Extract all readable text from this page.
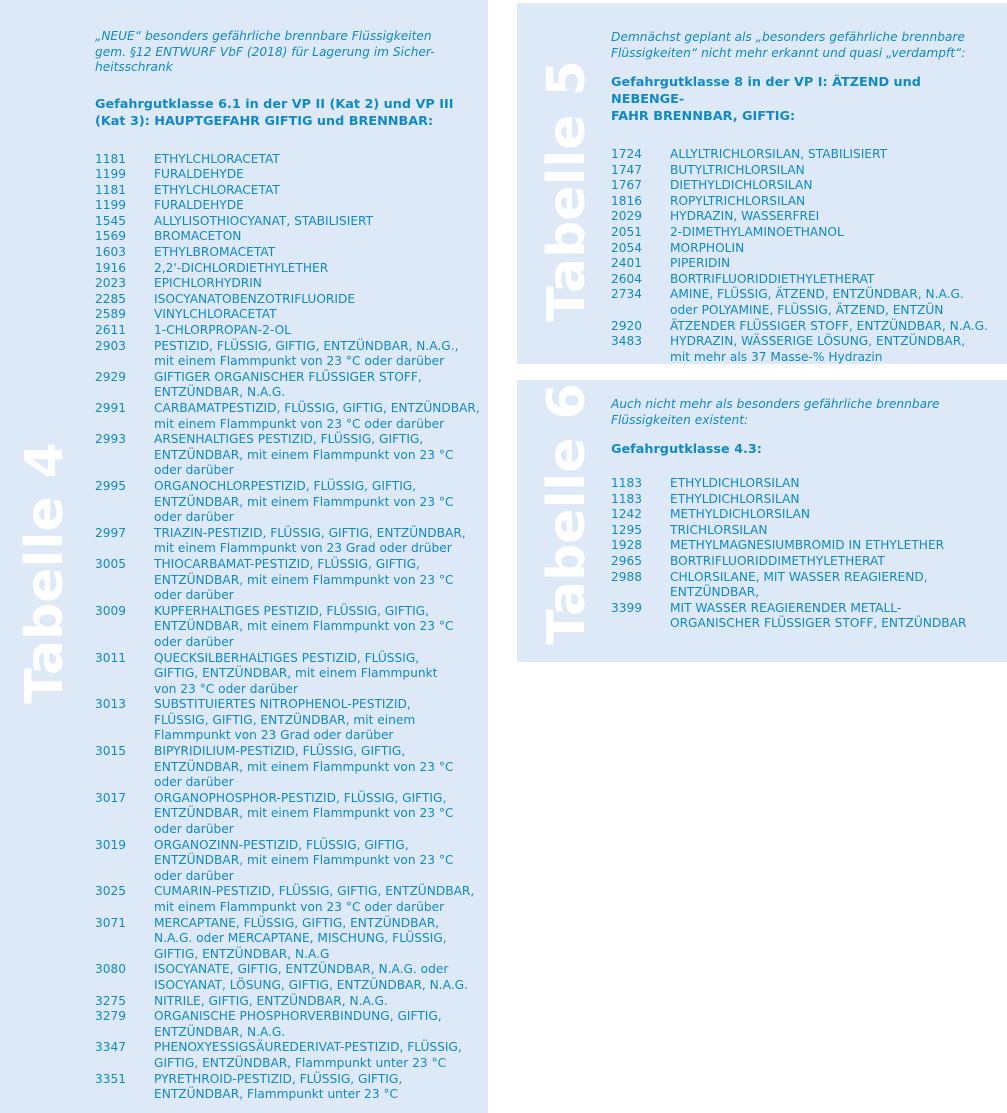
Tabelle 4

„NEUE“ besonders gefährliche brennbare Flüssigkeiten
gem. §12 ENTWURF VbF (2018) für Lagerung im Sicher-
heitsschrank

Gefahrgutklasse 6.1 in der VP II (Kat 2) und VP III
(Kat 3): HAUPTGEFAHR GIFTIG und BRENNBAR:

1181	ETHYLCHLORACETAT
1199	FURALDEHYDE
1181	ETHYLCHLORACETAT
1199	FURALDEHYDE
1545	ALLYLISOTHIOCYANAT, STABILISIERT
1569	BROMACETON
1603	ETHYLBROMACETAT
1916	2,2'-DICHLORDIETHYLETHER
2023	EPICHLORHYDRIN
2285	ISOCYANATOBENZOTRIFLUORIDE
2589	VINYLCHLORACETAT
2611	1-CHLORPROPAN-2-OL
2903	PESTIZID, FLÜSSIG, GIFTIG, ENTZÜNDBAR, N.A.G.,
mit einem Flammpunkt von 23 °C oder darüber
2929	GIFTIGER ORGANISCHER FLÜSSIGER STOFF,
ENTZÜNDBAR, N.A.G.
2991	CARBAMATPESTIZID, FLÜSSIG, GIFTIG, ENTZÜNDBAR,
mit einem Flammpunkt von 23 °C oder darüber
2993	ARSENHALTIGES PESTIZID, FLÜSSIG, GIFTIG,
ENTZÜNDBAR, mit einem Flammpunkt von 23 °C
oder darüber
2995	ORGANOCHLORPESTIZID, FLÜSSIG, GIFTIG,
ENTZÜNDBAR, mit einem Flammpunkt von 23 °C
oder darüber
2997	TRIAZIN-PESTIZID, FLÜSSIG, GIFTIG, ENTZÜNDBAR,
mit einem Flammpunkt von 23 Grad oder drüber
3005	THIOCARBAMAT-PESTIZID, FLÜSSIG, GIFTIG,
ENTZÜNDBAR, mit einem Flammpunkt von 23 °C
oder darüber
3009	KUPFERHALTIGES PESTIZID, FLÜSSIG, GIFTIG,
ENTZÜNDBAR, mit einem Flammpunkt von 23 °C
oder darüber
3011	QUECKSILBERHALTIGES PESTIZID, FLÜSSIG,
GIFTIG, ENTZÜNDBAR, mit einem Flammpunkt
von 23 °C oder darüber
3013	SUBSTITUIERTES NITROPHENOL-PESTIZID,
FLÜSSIG, GIFTIG, ENTZÜNDBAR, mit einem
Flammpunkt von 23 Grad oder darüber
3015	BIPYRIDILIUM-PESTIZID, FLÜSSIG, GIFTIG,
ENTZÜNDBAR, mit einem Flammpunkt von 23 °C
oder darüber
3017	ORGANOPHOSPHOR-PESTIZID, FLÜSSIG, GIFTIG,
ENTZÜNDBAR, mit einem Flammpunkt von 23 °C
oder darüber
3019	ORGANOZINN-PESTIZID, FLÜSSIG, GIFTIG,
ENTZÜNDBAR, mit einem Flammpunkt von 23 °C
oder darüber
3025	CUMARIN-PESTIZID, FLÜSSIG, GIFTIG, ENTZÜNDBAR,
mit einem Flammpunkt von 23 °C oder darüber
3071	MERCAPTANE, FLÜSSIG, GIFTIG, ENTZÜNDBAR,
N.A.G. oder MERCAPTANE, MISCHUNG, FLÜSSIG,
GIFTIG, ENTZÜNDBAR, N.A.G
3080	ISOCYANATE, GIFTIG, ENTZÜNDBAR, N.A.G. oder
ISOCYANAT, LÖSUNG, GIFTIG, ENTZÜNDBAR, N.A.G.
3275	NITRILE, GIFTIG, ENTZÜNDBAR, N.A.G.
3279	ORGANISCHE PHOSPHORVERBINDUNG, GIFTIG,
ENTZÜNDBAR, N.A.G.
3347	PHENOXYESSIGSÄUREDERIVAT-PESTIZID, FLÜSSIG,
GIFTIG, ENTZÜNDBAR, Flammpunkt unter 23 °C
3351	PYRETHROID-PESTIZID, FLÜSSIG, GIFTIG,
ENTZÜNDBAR, Flammpunkt unter 23 °C
Tabelle 5

Demnächst geplant als „besonders gefährliche brennbare
Flüssigkeiten“ nicht mehr erkannt und quasi „verdampft“:

Gefahrgutklasse 8 in der VP I: ÄTZEND und NEBENGE-
FAHR BRENNBAR, GIFTIG:

1724	ALLYLTRICHLORSILAN, STABILISIERT
1747	BUTYLTRICHLORSILAN
1767	DIETHYLDICHLORSILAN
1816	ROPYLTRICHLORSILAN
2029	HYDRAZIN, WASSERFREI
2051	2-DIMETHYLAMINOETHANOL
2054	MORPHOLIN
2401	PIPERIDIN
2604	BORTRIFLUORIDDIETHYLETHERAT
2734	AMINE, FLÜSSIG, ÄTZEND, ENTZÜNDBAR, N.A.G.
oder POLYAMINE, FLÜSSIG, ÄTZEND, ENTZÜN
2920	ÄTZENDER FLÜSSIGER STOFF, ENTZÜNDBAR, N.A.G.
3483	HYDRAZIN, WÄSSERIGE LÖSUNG, ENTZÜNDBAR,
mit mehr als 37 Masse-% Hydrazin
Tabelle 6 Auch nicht mehr als besonders gefährliche brennbare
Flüssigkeiten existent:

Gefahrgutklasse 4.3:

1183	ETHYLDICHLORSILAN
1183	ETHYLDICHLORSILAN
1242	METHYLDICHLORSILAN
1295	TRICHLORSILAN
1928	METHYLMAGNESIUMBROMID IN ETHYLETHER
2965	BORTRIFLUORIDDIMETHYLETHERAT
2988	CHLORSILANE, MIT WASSER REAGIEREND,
ENTZÜNDBAR,
3399	MIT WASSER REAGIERENDER METALL-
ORGANISCHER FLÜSSIGER STOFF, ENTZÜNDBAR
